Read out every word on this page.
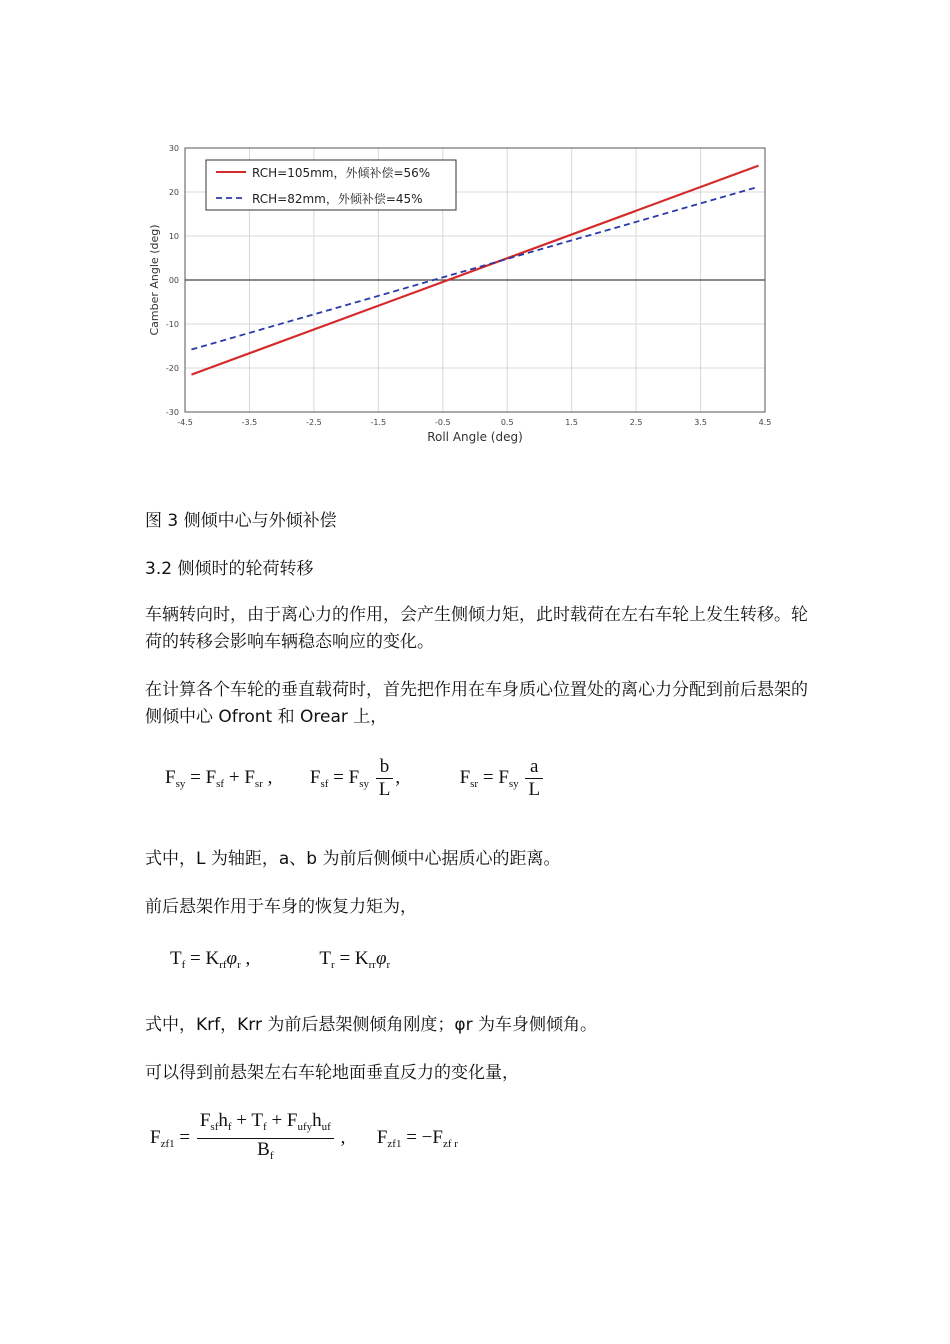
30
20
10
00
-10
-20
-30
-4.5	-3.5	-2.5	-1.5	-0.5	0.5	1.5	2.5	3.5	4.5
RCH=105mm，外倾补偿=56%
RCH=82mm，外倾补偿=45%
Roll Angle (deg)
Camber Angle (deg)
图 3 侧倾中心与外倾补偿
3.2 侧倾时的轮荷转移
车辆转向时，由于离心力的作用，会产生侧倾力矩，此时载荷在左右车轮上发生转移。轮荷的转移会影响车辆稳态响应的变化。
在计算各个车轮的垂直载荷时，首先把作用在车身质心位置处的离心力分配到前后悬架的侧倾中心 Ofront 和 Orear 上，
$F_{sy} = F_{sf} + F_{sr}$ , $F_{sf} = F_{sy} \frac{b}{L}$ ,	$F_{sr} = F_{sy} \frac{a}{L}$
式中，L 为轴距，a、b 为前后侧倾中心据质心的距离。
前后悬架作用于车身的恢复力矩为，
$T_f = K_{rf}\varphi_r$ ,	$T_r = K_{rr}\varphi_r$
式中，Krf，Krr 为前后悬架侧倾角刚度；φr 为车身侧倾角。
可以得到前悬架左右车轮地面垂直反力的变化量，
$F_{zf1} = \frac{F_{sf}h_f + T_f + F_{ufy}h_{uf}}{B_f}$ , $F_{zf1} = -F_{zf r}$
